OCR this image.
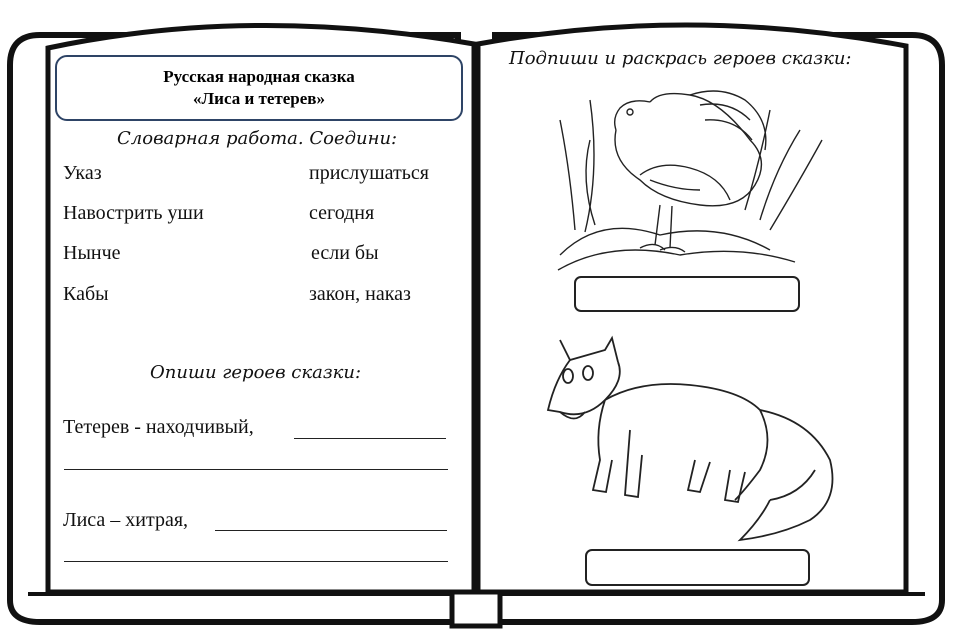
Русская народная сказка
«Лиса и тетерев»
Словарная работа. Соедини:
Указ
Навострить уши
Нынче
Кабы
прислушаться
сегодня
если бы
закон, наказ
Опиши героев сказки:
Тетерев - находчивый,
Лиса – хитрая,
Подпиши и раскрась героев сказки:
